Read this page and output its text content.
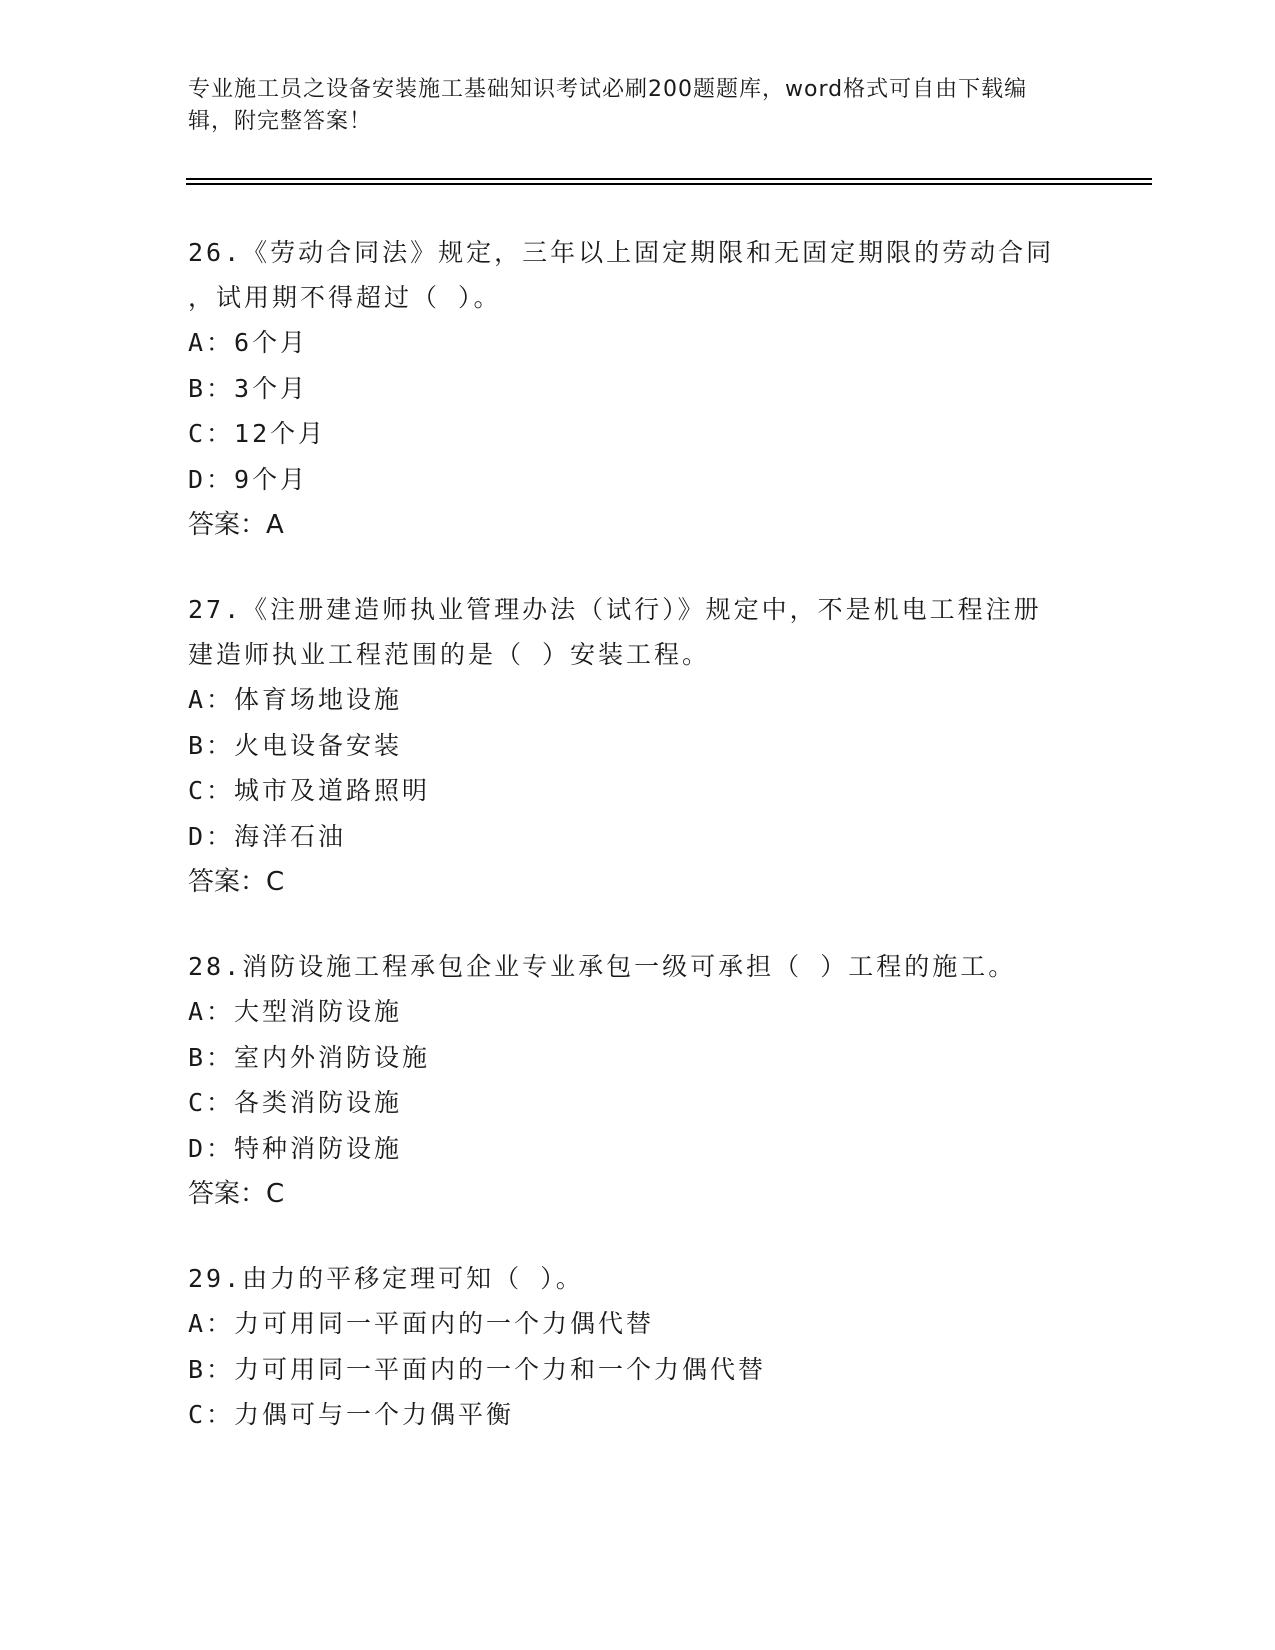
专业施工员之设备安装施工基础知识考试必刷200题题库，word格式可自由下载编辑，附完整答案！

26.《劳动合同法》规定，三年以上固定期限和无固定期限的劳动合同

，试用期不得超过（ ）。

A：6个月

B：3个月

C：12个月

D：9个月

答案：A

27.《注册建造师执业管理办法（试行）》规定中，不是机电工程注册

建造师执业工程范围的是（ ）安装工程。

A：体育场地设施

B：火电设备安装

C：城市及道路照明

D：海洋石油

答案：C

28.消防设施工程承包企业专业承包一级可承担（ ）工程的施工。

A：大型消防设施

B：室内外消防设施

C：各类消防设施

D：特种消防设施

答案：C

29.由力的平移定理可知（ ）。

A：力可用同一平面内的一个力偶代替

B：力可用同一平面内的一个力和一个力偶代替

C：力偶可与一个力偶平衡
